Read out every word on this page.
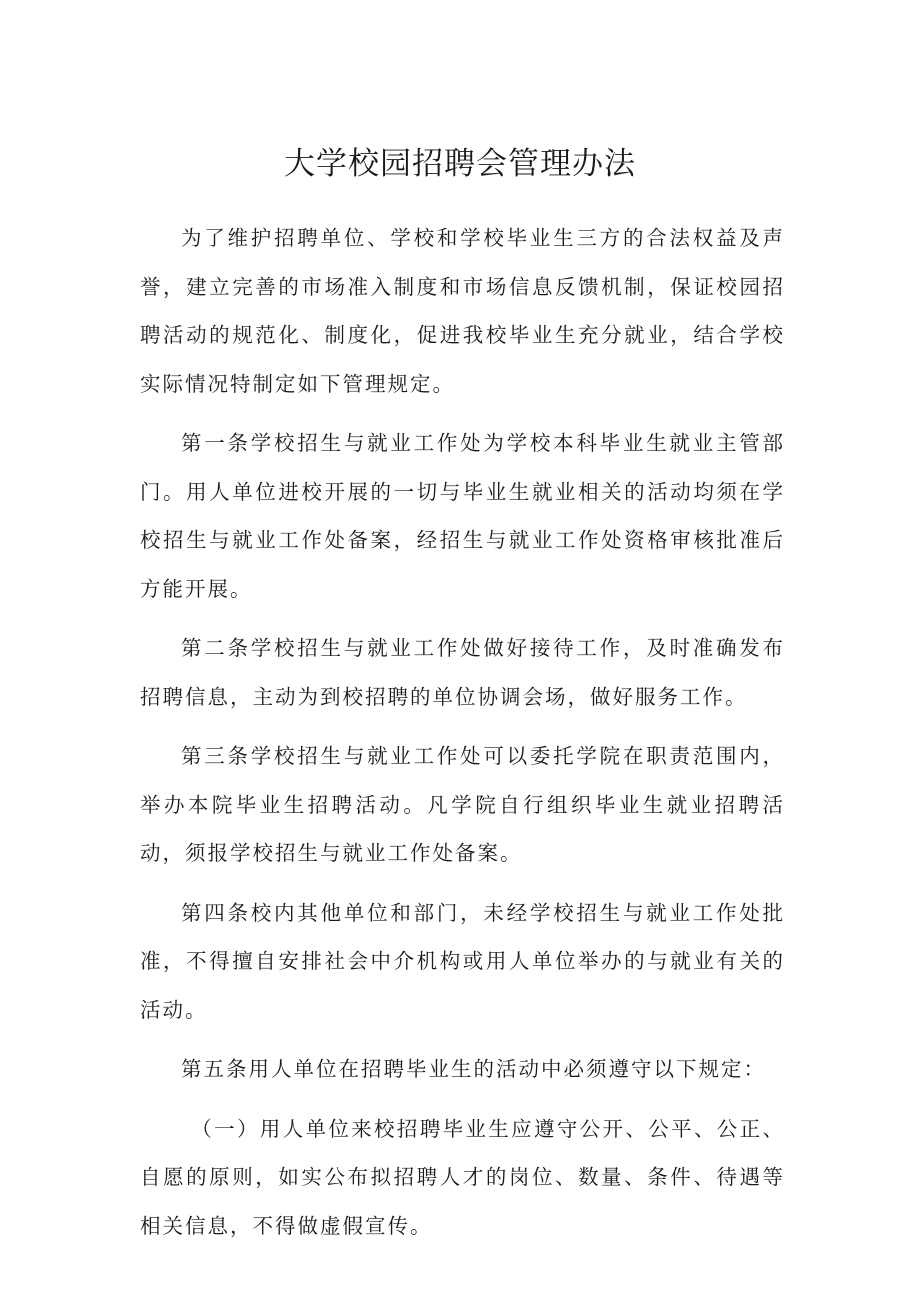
大学校园招聘会管理办法

为了维护招聘单位、学校和学校毕业生三方的合法权益及声誉，建立完善的市场准入制度和市场信息反馈机制，保证校园招聘活动的规范化、制度化，促进我校毕业生充分就业，结合学校实际情况特制定如下管理规定。

第一条学校招生与就业工作处为学校本科毕业生就业主管部门。用人单位进校开展的一切与毕业生就业相关的活动均须在学校招生与就业工作处备案，经招生与就业工作处资格审核批准后方能开展。

第二条学校招生与就业工作处做好接待工作，及时准确发布招聘信息，主动为到校招聘的单位协调会场，做好服务工作。

第三条学校招生与就业工作处可以委托学院在职责范围内，举办本院毕业生招聘活动。凡学院自行组织毕业生就业招聘活动，须报学校招生与就业工作处备案。

第四条校内其他单位和部门，未经学校招生与就业工作处批准，不得擅自安排社会中介机构或用人单位举办的与就业有关的活动。

第五条用人单位在招聘毕业生的活动中必须遵守以下规定：

（一）用人单位来校招聘毕业生应遵守公开、公平、公正、自愿的原则，如实公布拟招聘人才的岗位、数量、条件、待遇等相关信息，不得做虚假宣传。
